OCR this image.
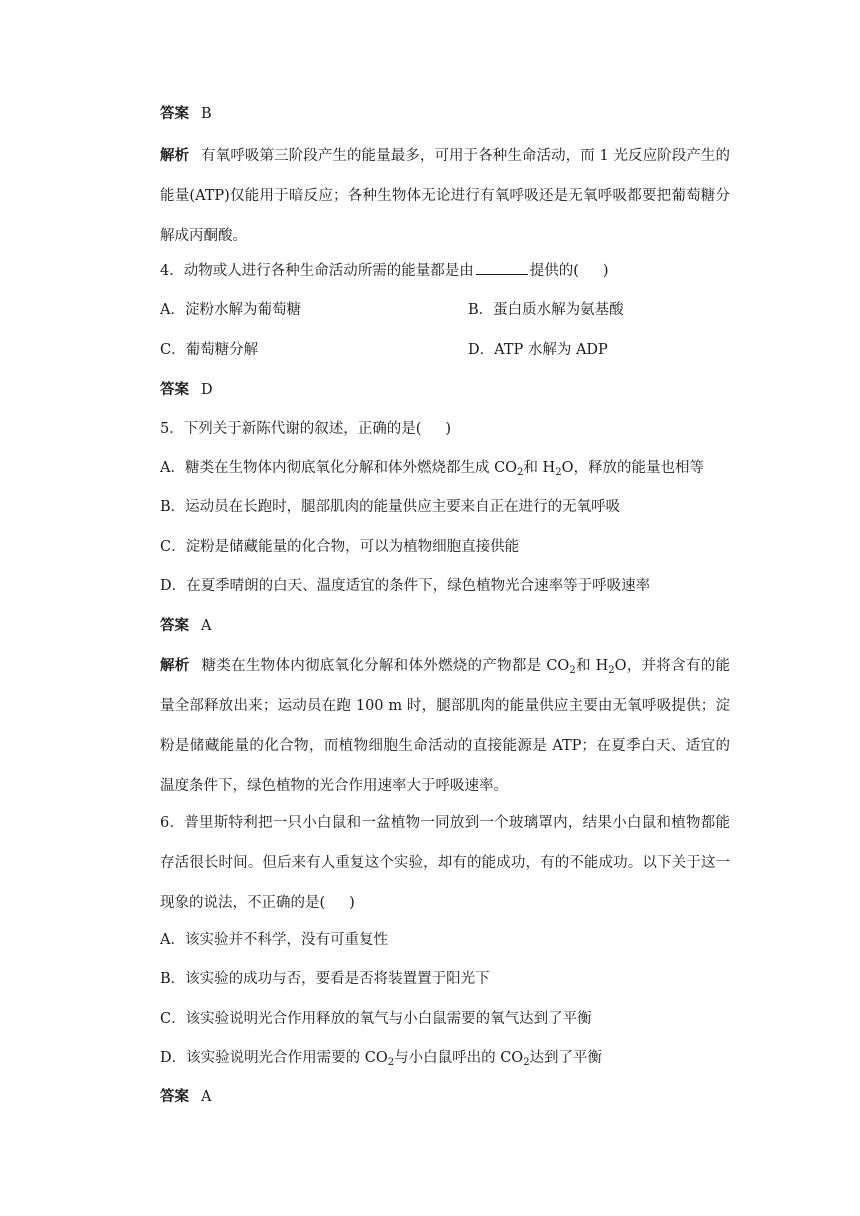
答案 B
解析 有氧呼吸第三阶段产生的能量最多，可用于各种生命活动，而 1 光反应阶段产生的能量(ATP)仅能用于暗反应；各种生物体无论进行有氧呼吸还是无氧呼吸都要把葡萄糖分解成丙酮酸。
4．动物或人进行各种生命活动所需的能量都是由	提供的( )
A．淀粉水解为葡萄糖	B．蛋白质水解为氨基酸
C．葡萄糖分解	D．ATP 水解为 ADP
答案 D
5．下列关于新陈代谢的叙述，正确的是( )
A．糖类在生物体内彻底氧化分解和体外燃烧都生成 $CO_2$和 $H_2O$，释放的能量也相等
B．运动员在长跑时，腿部肌肉的能量供应主要来自正在进行的无氧呼吸
C．淀粉是储藏能量的化合物，可以为植物细胞直接供能
D．在夏季晴朗的白天、温度适宜的条件下，绿色植物光合速率等于呼吸速率
答案 A
解析 糖类在生物体内彻底氧化分解和体外燃烧的产物都是 $CO_2$和 $H_2O$，并将含有的能量全部释放出来；运动员在跑 100 m 时，腿部肌肉的能量供应主要由无氧呼吸提供；淀粉是储藏能量的化合物，而植物细胞生命活动的直接能源是 ATP；在夏季白天、适宜的温度条件下，绿色植物的光合作用速率大于呼吸速率。
6．普里斯特利把一只小白鼠和一盆植物一同放到一个玻璃罩内，结果小白鼠和植物都能存活很长时间。但后来有人重复这个实验，却有的能成功，有的不能成功。以下关于这一现象的说法，不正确的是( )
A．该实验并不科学，没有可重复性
B．该实验的成功与否，要看是否将装置置于阳光下
C．该实验说明光合作用释放的氧气与小白鼠需要的氧气达到了平衡
D．该实验说明光合作用需要的 $CO_2$与小白鼠呼出的 $CO_2$达到了平衡
答案 A
